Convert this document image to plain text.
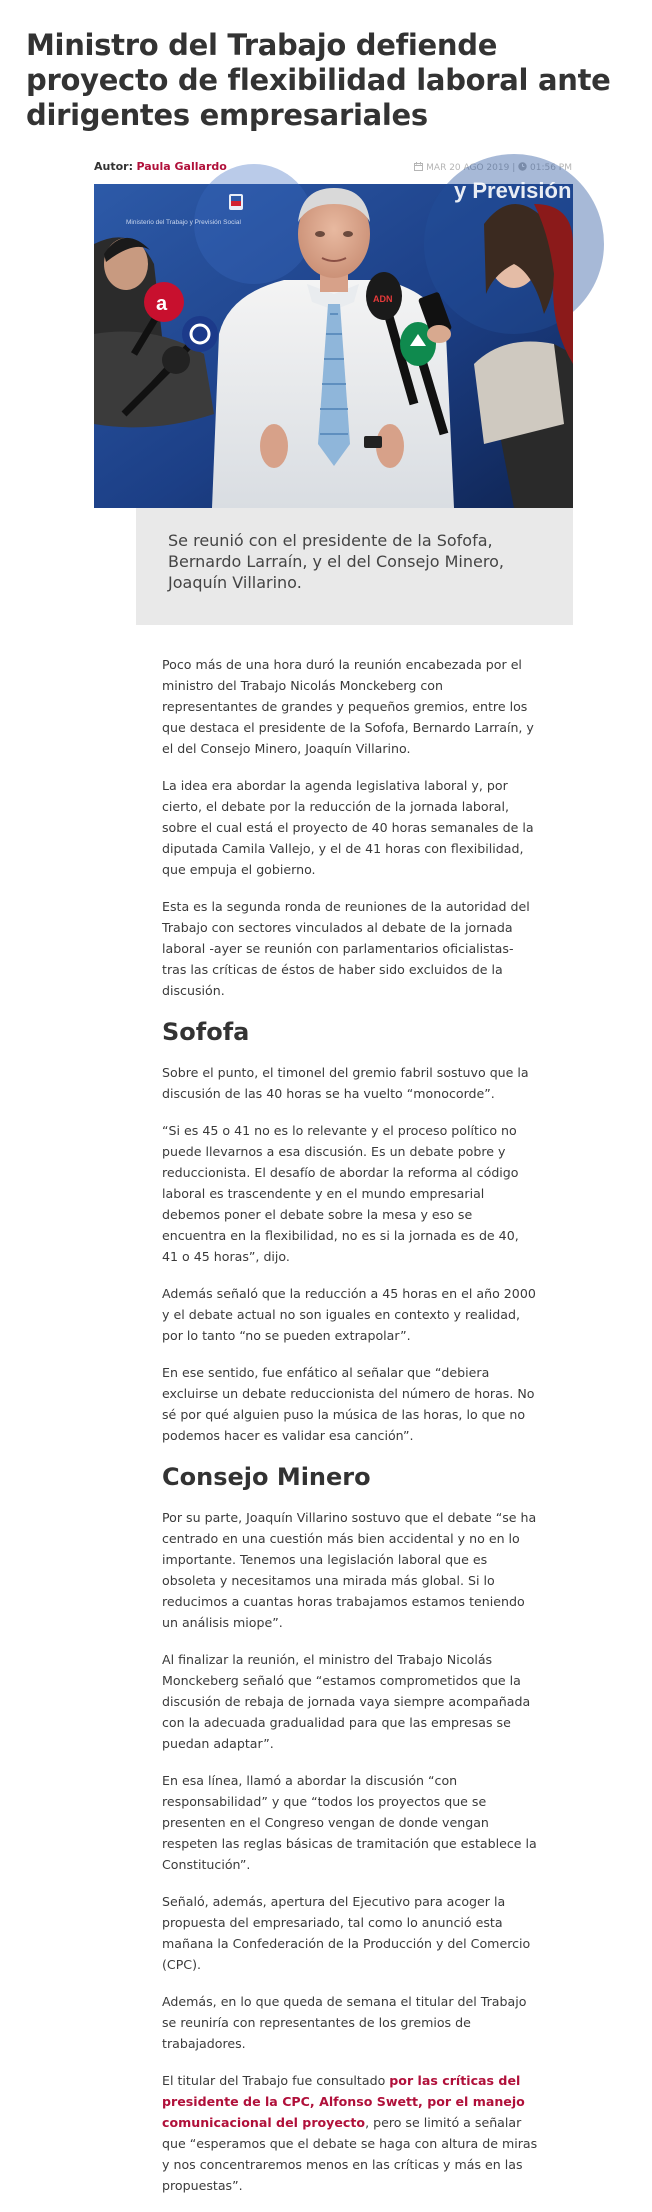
Ministro del Trabajo defiende proyecto de flexibilidad laboral ante dirigentes empresariales
Autor: Paula Gallardo	MAR 20 AGO 2019 | 01:56 PM
Ministerio del Trabajo y Previsión Social
y Previsión
a	ADN

Se reunió con el presidente de la Sofofa, Bernardo Larraín, y el del Consejo Minero, Joaquín Villarino.

Poco más de una hora duró la reunión encabezada por el ministro del Trabajo Nicolás Monckeberg con representantes de grandes y pequeños gremios, entre los que destaca el presidente de la Sofofa, Bernardo Larraín, y el del Consejo Minero, Joaquín Villarino.

La idea era abordar la agenda legislativa laboral y, por cierto, el debate por la reducción de la jornada laboral, sobre el cual está el proyecto de 40 horas semanales de la diputada Camila Vallejo, y el de 41 horas con flexibilidad, que empuja el gobierno.

Esta es la segunda ronda de reuniones de la autoridad del Trabajo con sectores vinculados al debate de la jornada laboral -ayer se reunión con parlamentarios oficialistas- tras las críticas de éstos de haber sido excluidos de la discusión.

Sofofa

Sobre el punto, el timonel del gremio fabril sostuvo que la discusión de las 40 horas se ha vuelto “monocorde”.

“Si es 45 o 41 no es lo relevante y el proceso político no puede llevarnos a esa discusión. Es un debate pobre y reduccionista. El desafío de abordar la reforma al código laboral es trascendente y en el mundo empresarial debemos poner el debate sobre la mesa y eso se encuentra en la flexibilidad, no es si la jornada es de 40, 41 o 45 horas”, dijo.

Además señaló que la reducción a 45 horas en el año 2000 y el debate actual no son iguales en contexto y realidad, por lo tanto “no se pueden extrapolar”.

En ese sentido, fue enfático al señalar que “debiera excluirse un debate reduccionista del número de horas. No sé por qué alguien puso la música de las horas, lo que no podemos hacer es validar esa canción”.

Consejo Minero

Por su parte, Joaquín Villarino sostuvo que el debate “se ha centrado en una cuestión más bien accidental y no en lo importante. Tenemos una legislación laboral que es obsoleta y necesitamos una mirada más global. Si lo reducimos a cuantas horas trabajamos estamos teniendo un análisis miope”.

Al finalizar la reunión, el ministro del Trabajo Nicolás Monckeberg señaló que “estamos comprometidos que la discusión de rebaja de jornada vaya siempre acompañada con la adecuada gradualidad para que las empresas se puedan adaptar”.

En esa línea, llamó a abordar la discusión “con responsabilidad” y que “todos los proyectos que se presenten en el Congreso vengan de donde vengan respeten las reglas básicas de tramitación que establece la Constitución”.

Señaló, además, apertura del Ejecutivo para acoger la propuesta del empresariado, tal como lo anunció esta mañana la Confederación de la Producción y del Comercio (CPC).

Además, en lo que queda de semana el titular del Trabajo se reuniría con representantes de los gremios de trabajadores.

El titular del Trabajo fue consultado por las críticas del presidente de la CPC, Alfonso Swett, por el manejo comunicacional del proyecto, pero se limitó a señalar que “esperamos que el debate se haga con altura de miras y nos concentraremos menos en las críticas y más en las propuestas”.
